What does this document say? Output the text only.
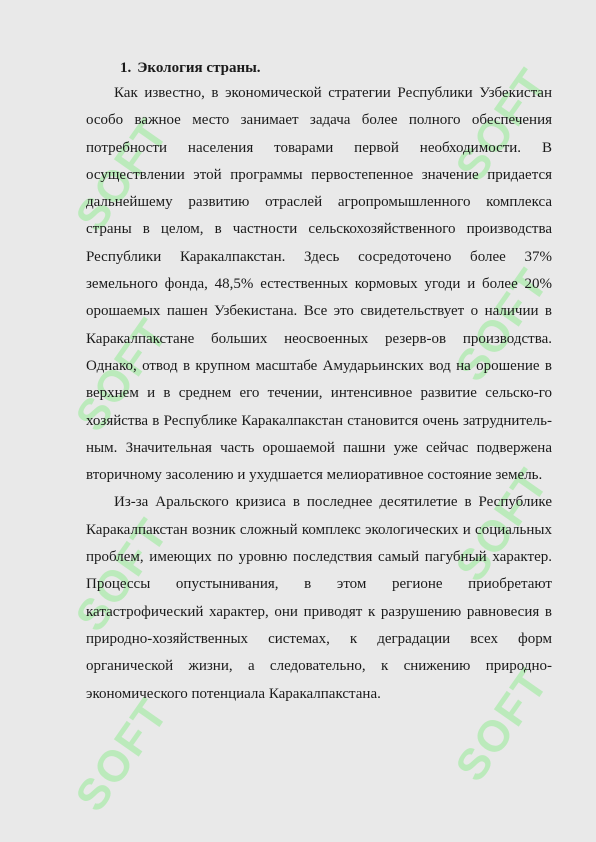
SOFT	SOFT
SOFT	SOFT
SOFT	SOFT
SOFT	SOFT
1. Экология страны.

Как известно, в экономической стратегии Республики Узбекистан особо важное место занимает задача более полного обеспечения потребности населения товарами первой необходимости. В осуществлении этой программы первостепенное значение придается дальнейшему развитию отраслей агропромышленного комплекса страны в целом, в частности сельскохозяйственного производства Республики Каракалпакстан. Здесь сосредоточено более 37% земельного фонда, 48,5% естественных кормовых угоди и более 20% орошаемых пашен Узбекистана. Все это свидетельствует о наличии в Каракалпакстане больших неосвоенных резерв-ов производства. Однако, отвод в крупном масштабе Амударьинских вод на орошение в верхнем и в среднем его течении, интенсивное развитие сельско-го хозяйства в Республике Каракалпакстан становится очень затруднитель-ным. Значительная часть орошаемой пашни уже сейчас подвержена вторичному засолению и ухудшается мелиоративное состояние земель.

Из-за Аральского кризиса в последнее десятилетие в Республике Каракалпакстан возник сложный комплекс экологических и социальных проблем, имеющих по уровню последствия самый пагубный характер. Процессы опустынивания, в этом регионе приобретают катастрофический характер, они приводят к разрушению равновесия в природно-хозяйственных системах, к деградации всех форм органической жизни, а следовательно, к снижению природно-экономического потенциала Каракалпакстана.
